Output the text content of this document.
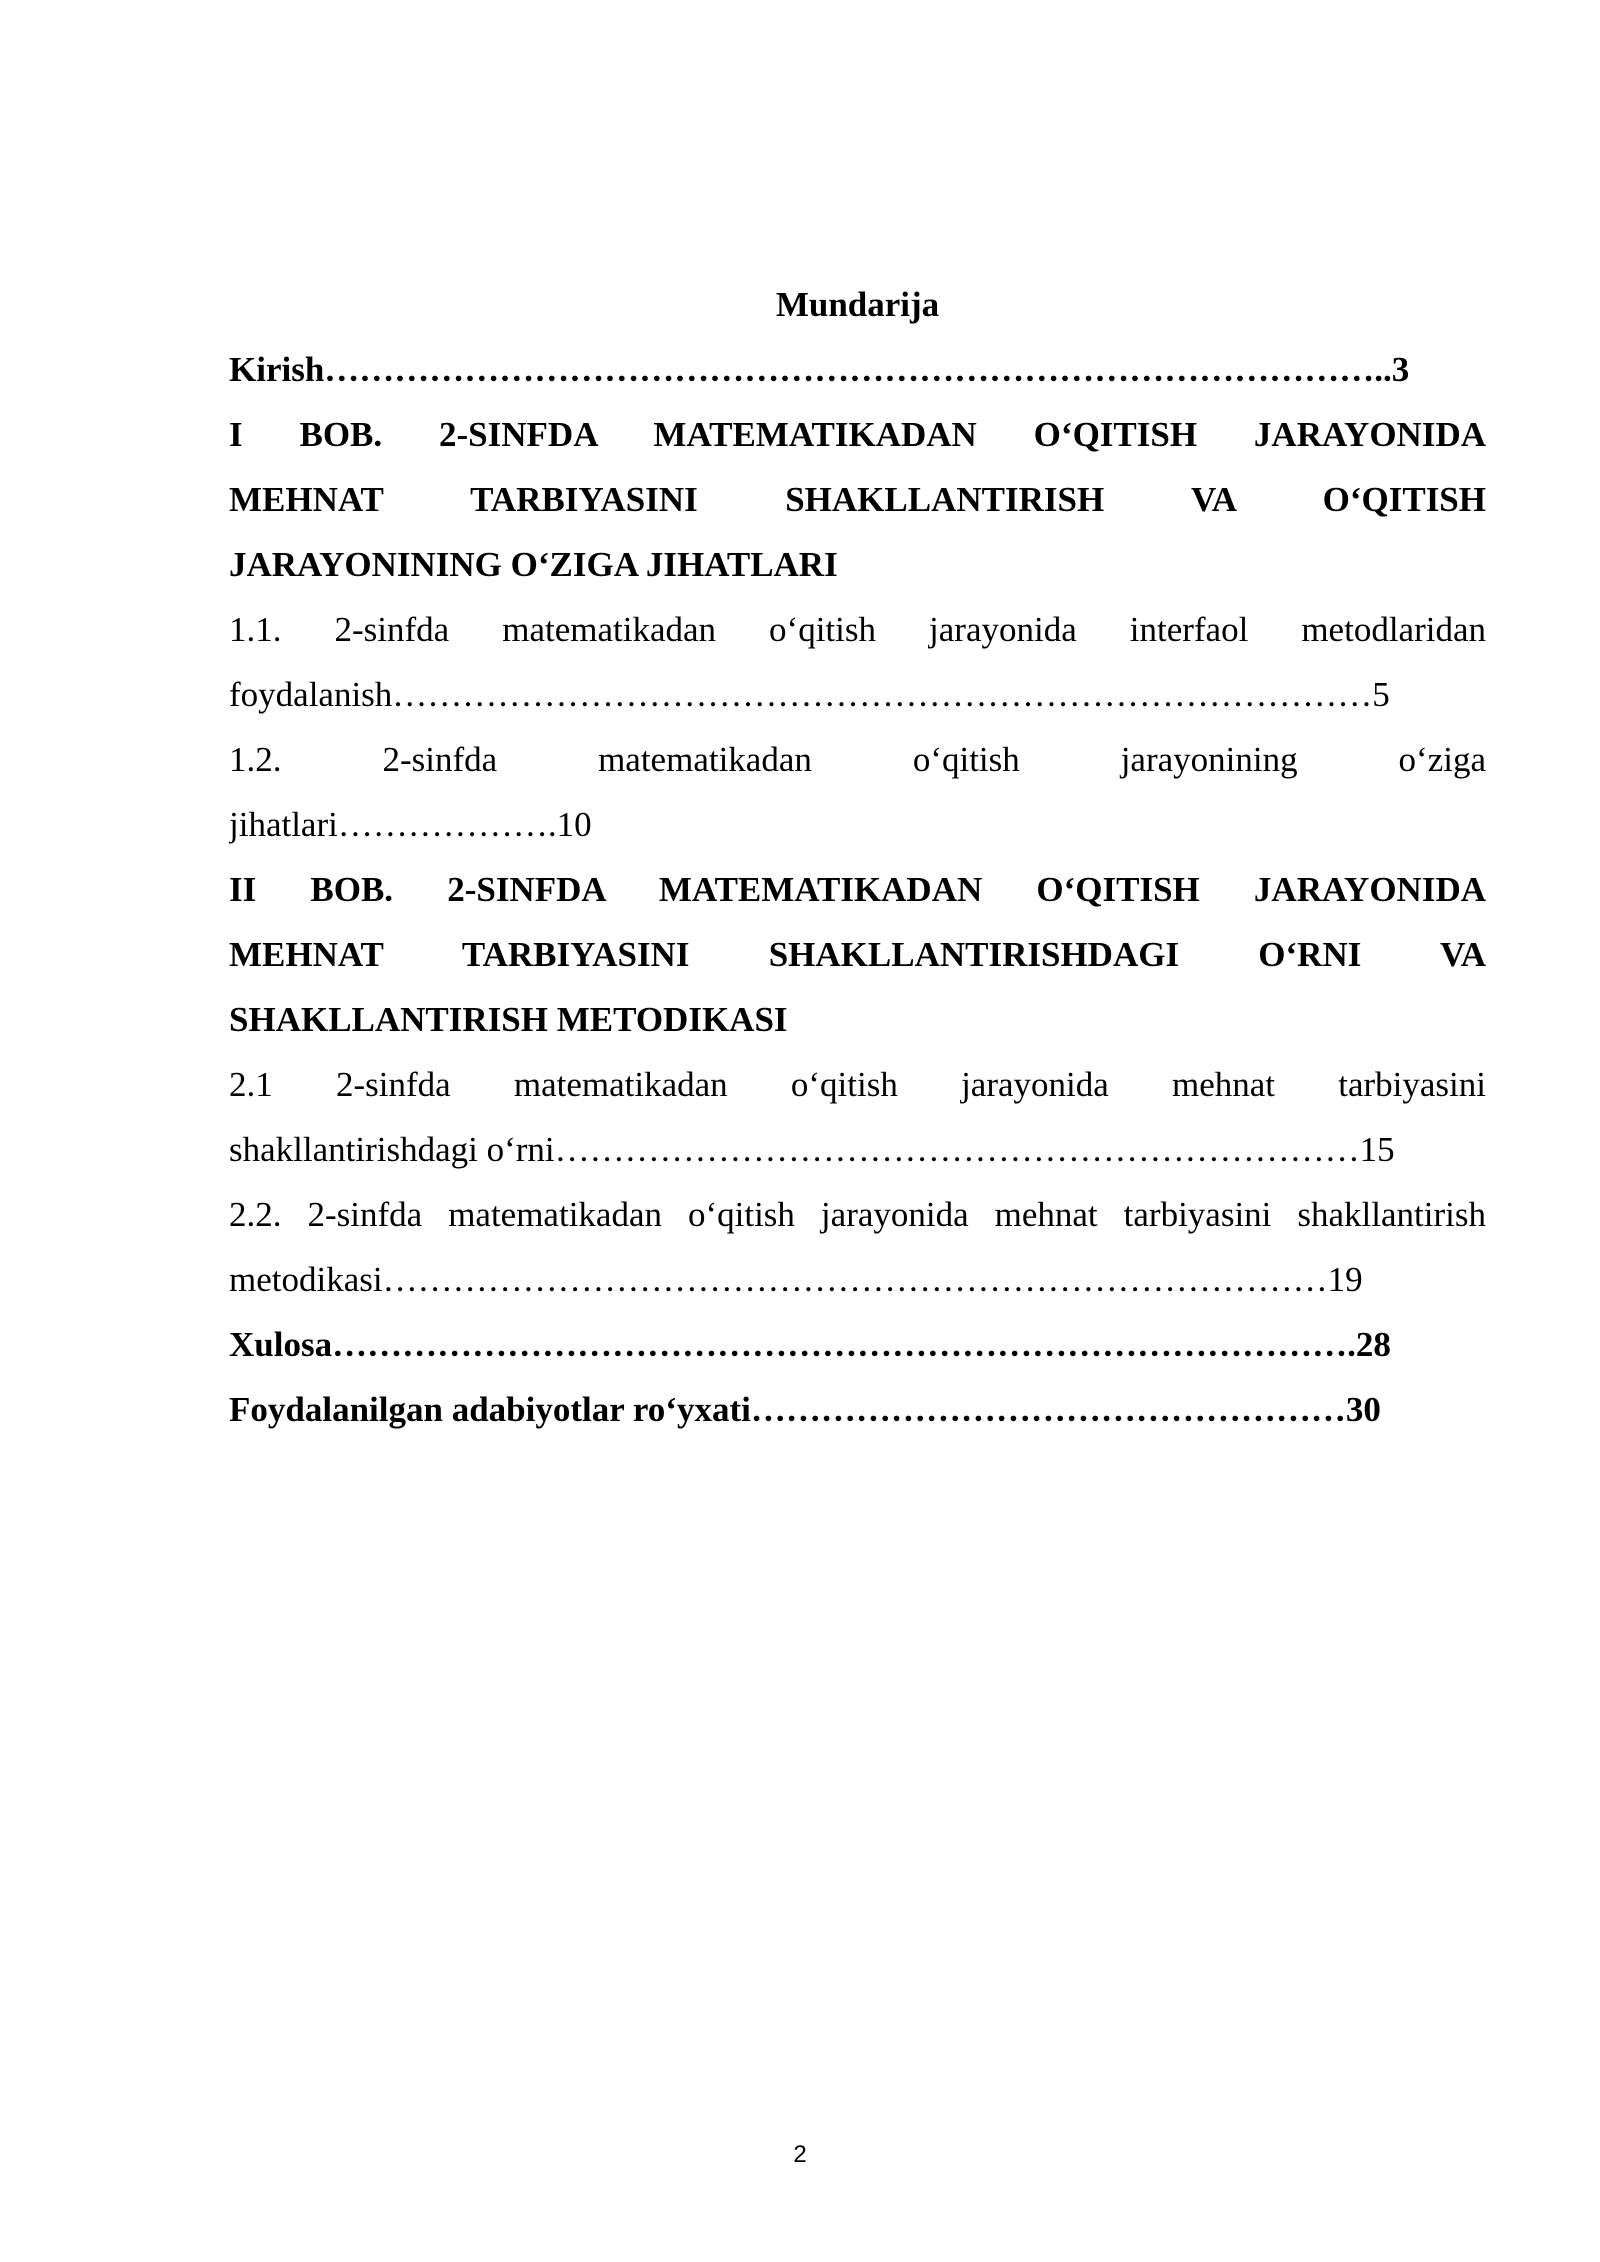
Mundarija
Kirish………………………………………………………………………………..3
I BOB. 2-SINFDA MATEMATIKADAN O‘QITISH JARAYONIDA
MEHNAT TARBIYASINI SHAKLLANTIRISH VA O‘QITISH
JARAYONINING O‘ZIGA JIHATLARI
1.1. 2-sinfda matematikadan o‘qitish jarayonida interfaol metodlaridan
foydalanish…………………………………………………………………………5
1.2. 2-sinfda matematikadan o‘qitish jarayonining o‘ziga
jihatlari……………….10
II BOB. 2-SINFDA MATEMATIKADAN O‘QITISH JARAYONIDA
MEHNAT TARBIYASINI SHAKLLANTIRISHDAGI O‘RNI VA
SHAKLLANTIRISH METODIKASI
2.1 2-sinfda matematikadan o‘qitish jarayonida mehnat tarbiyasini
shakllantirishdagi o‘rni……………………………………………………………15
2.2. 2-sinfda matematikadan o‘qitish jarayonida mehnat tarbiyasini shakllantirish
metodikasi………………………………………………………………………19
Xulosa…………………………………………………………………………….28
Foydalanilgan adabiyotlar ro‘yxati……………………………………………30
2
